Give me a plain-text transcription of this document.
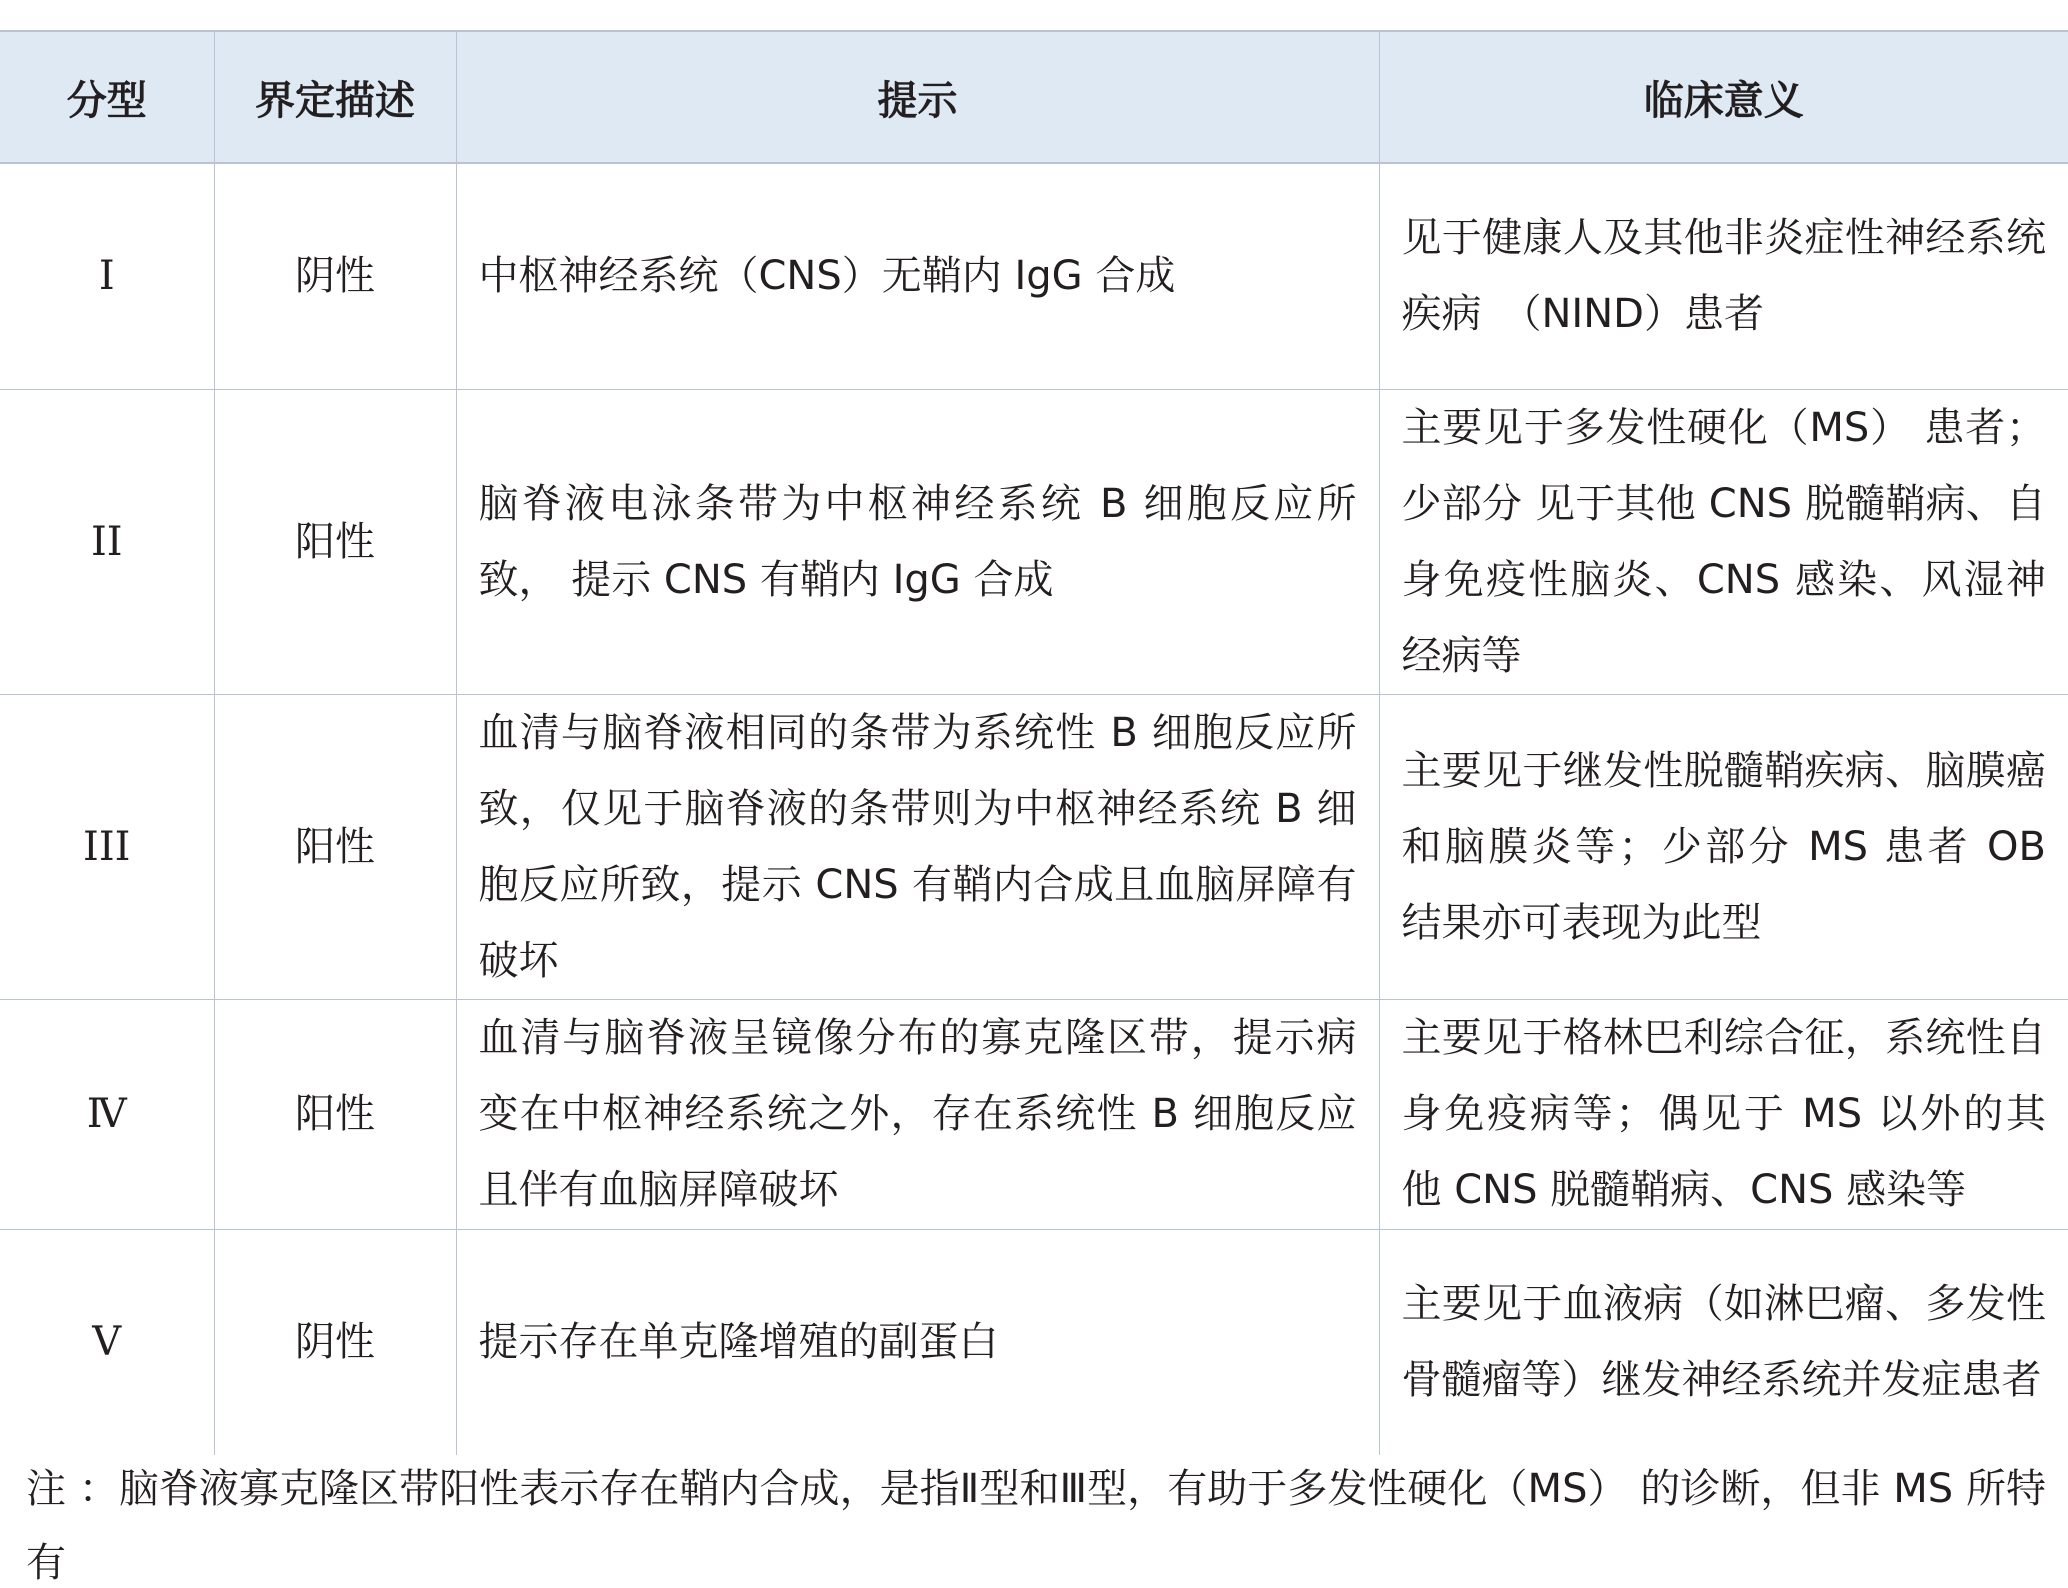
分型	界定描述	提示	临床意义
I	阴性	中枢神经系统（CNS）无鞘内 IgG 合成	见于健康人及其他非炎症性神经系统疾病　（NIND）患者
II	阳性	脑脊液电泳条带为中枢神经系统 B 细胞反应所致， 提示 CNS 有鞘内 IgG 合成	主要见于多发性硬化（MS） 患者；少部分 见于其他 CNS 脱髓鞘病、自身免疫性脑炎、CNS 感染、风湿神经病等
III	阳性	血清与脑脊液相同的条带为系统性 B 细胞反应所致，仅见于脑脊液的条带则为中枢神经系统 B 细胞反应所致，提示 CNS 有鞘内合成且血脑屏障有破坏	主要见于继发性脱髓鞘疾病、脑膜癌和脑膜炎等；少部分 MS 患者 OB 结果亦可表现为此型
Ⅳ	阳性	血清与脑脊液呈镜像分布的寡克隆区带，提示病变在中枢神经系统之外，存在系统性 B 细胞反应且伴有血脑屏障破坏	主要见于格林巴利综合征，系统性自身免疫病等；偶见于 MS 以外的其他 CNS 脱髓鞘病、CNS 感染等
V	阴性	提示存在单克隆增殖的副蛋白	主要见于血液病（如淋巴瘤、多发性骨髓瘤等）继发神经系统并发症患者
注 ：脑脊液寡克隆区带阳性表示存在鞘内合成，是指Ⅱ型和Ⅲ型，有助于多发性硬化（MS） 的诊断，但非 MS 所特有
